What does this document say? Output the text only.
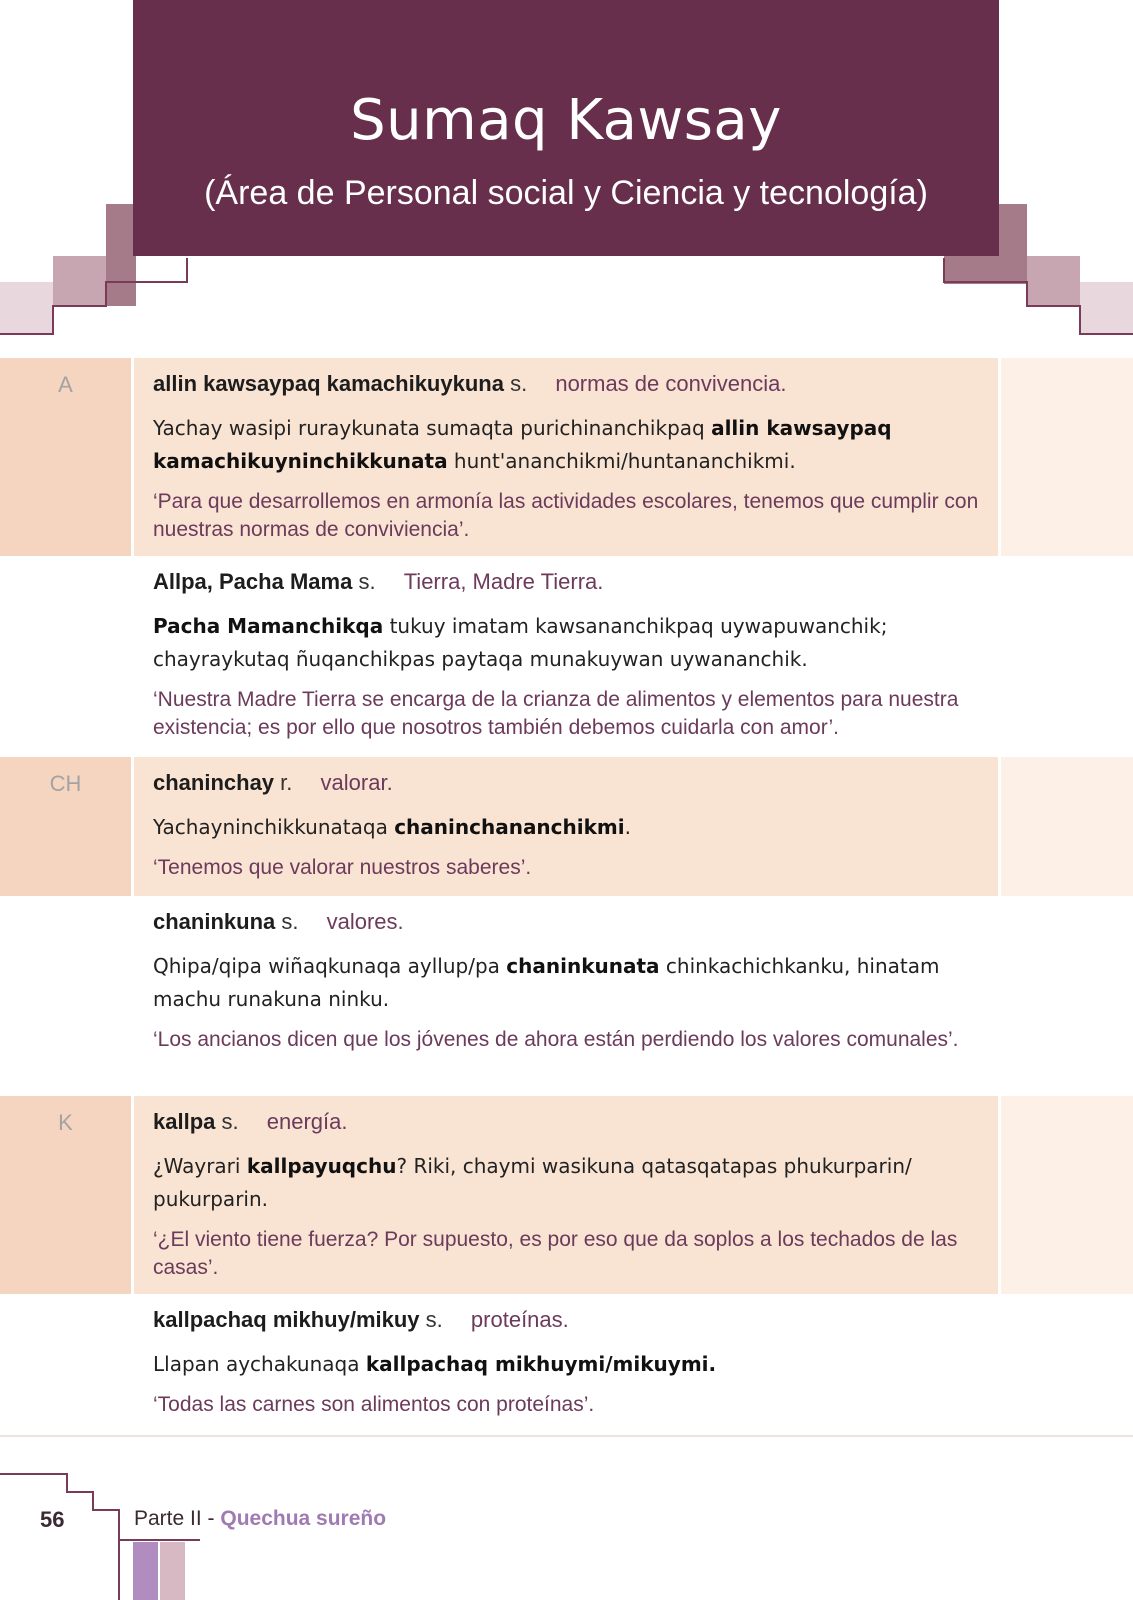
Sumaq Kawsay
(Área de Personal social y Ciencia y tecnología)
A	allin kawsaypaq kamachikuykuna s. normas de convivencia.
Yachay wasipi ruraykunata sumaqta purichinanchikpaq allin kawsaypaq kamachikuyninchikkunata hunt'ananchikmi/huntananchikmi.
‘Para que desarrollemos en armonía las actividades escolares, tenemos que cumplir con nuestras normas de conviviencia’.
Allpa, Pacha Mama s. Tierra, Madre Tierra.
Pacha Mamanchikqa tukuy imatam kawsananchikpaq uywapuwanchik; chayraykutaq ñuqanchikpas paytaqa munakuywan uywananchik.
‘Nuestra Madre Tierra se encarga de la crianza de alimentos y elementos para nuestra existencia; es por ello que nosotros también debemos cuidarla con amor’.
CH	chaninchay r. valorar.
Yachayninchikkunataqa chaninchananchikmi.
‘Tenemos que valorar nuestros saberes’.
chaninkuna s. valores.
Qhipa/qipa wiñaqkunaqa ayllup/pa chaninkunata chinkachichkanku, hinatam machu runakuna ninku.
‘Los ancianos dicen que los jóvenes de ahora están perdiendo los valores comunales’.
K	kallpa s. energía.
¿Wayrari kallpayuqchu? Riki, chaymi wasikuna qatasqatapas phukurparin/ pukurparin.
‘¿El viento tiene fuerza? Por supuesto, es por eso que da soplos a los techados de las casas’.
kallpachaq mikhuy/mikuy s. proteínas.
Llapan aychakunaqa kallpachaq mikhuymi/mikuymi.
‘Todas las carnes son alimentos con proteínas’.
56	Parte II - Quechua sureño
